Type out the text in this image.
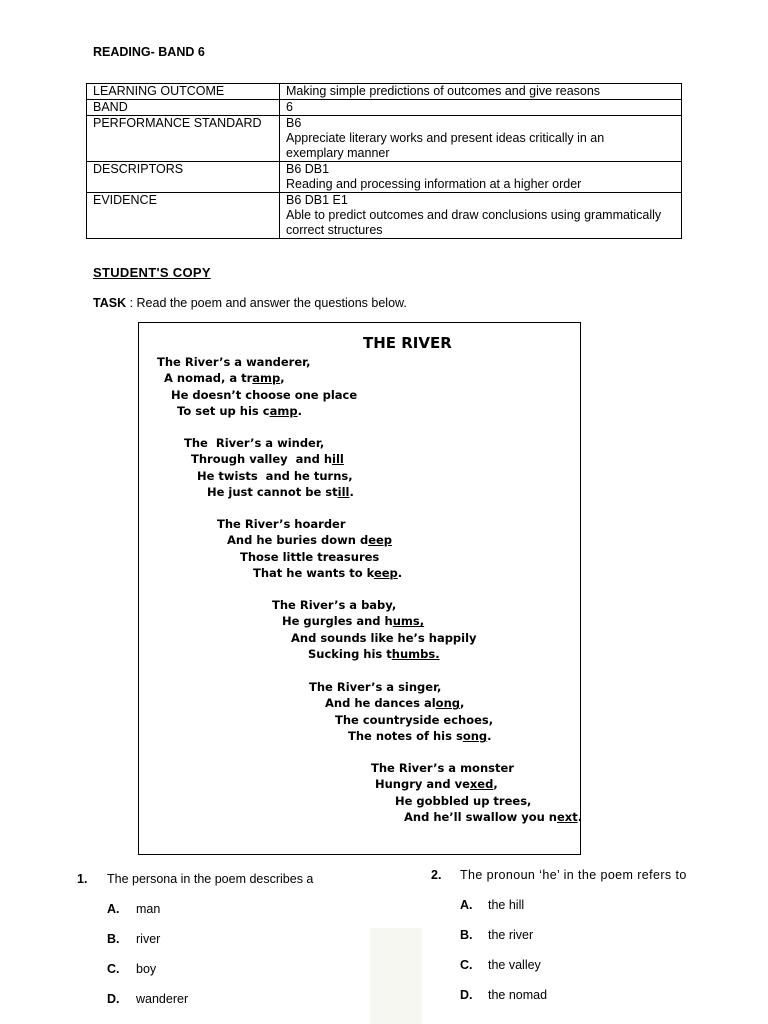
READING- BAND 6
LEARNING OUTCOME	Making simple predictions of outcomes and give reasons

BAND	6

PERFORMANCE STANDARD	B6
Appreciate literary works and present ideas critically in an
exemplary manner

DESCRIPTORS	B6 DB1
Reading and processing information at a higher order

EVIDENCE	B6 DB1 E1
Able to predict outcomes and draw conclusions using grammatically
correct structures
STUDENT'S COPY
TASK : Read the poem and answer the questions below.
THE RIVER
The River’s a wanderer,
A nomad, a tramp,
He doesn’t choose one place
To set up his camp.
The  River’s a winder,
Through valley  and hill
He twists  and he turns,
He just cannot be still.
The River’s hoarder
And he buries down deep
Those little treasures
That he wants to keep.
The River’s a baby,
He gurgles and hums,
And sounds like he’s happily
Sucking his thumbs.
The River’s a singer,
And he dances along,
The countryside echoes,
The notes of his song.
The River’s a monster
Hungry and vexed,
He gobbled up trees,
And he’ll swallow you next.
1. The persona in the poem describes a	2. The pronoun ‘he’ in the poem refers to
A. man
B. river
C. boy
D. wanderer
A. the hill
B. the river
C. the valley
D. the nomad
